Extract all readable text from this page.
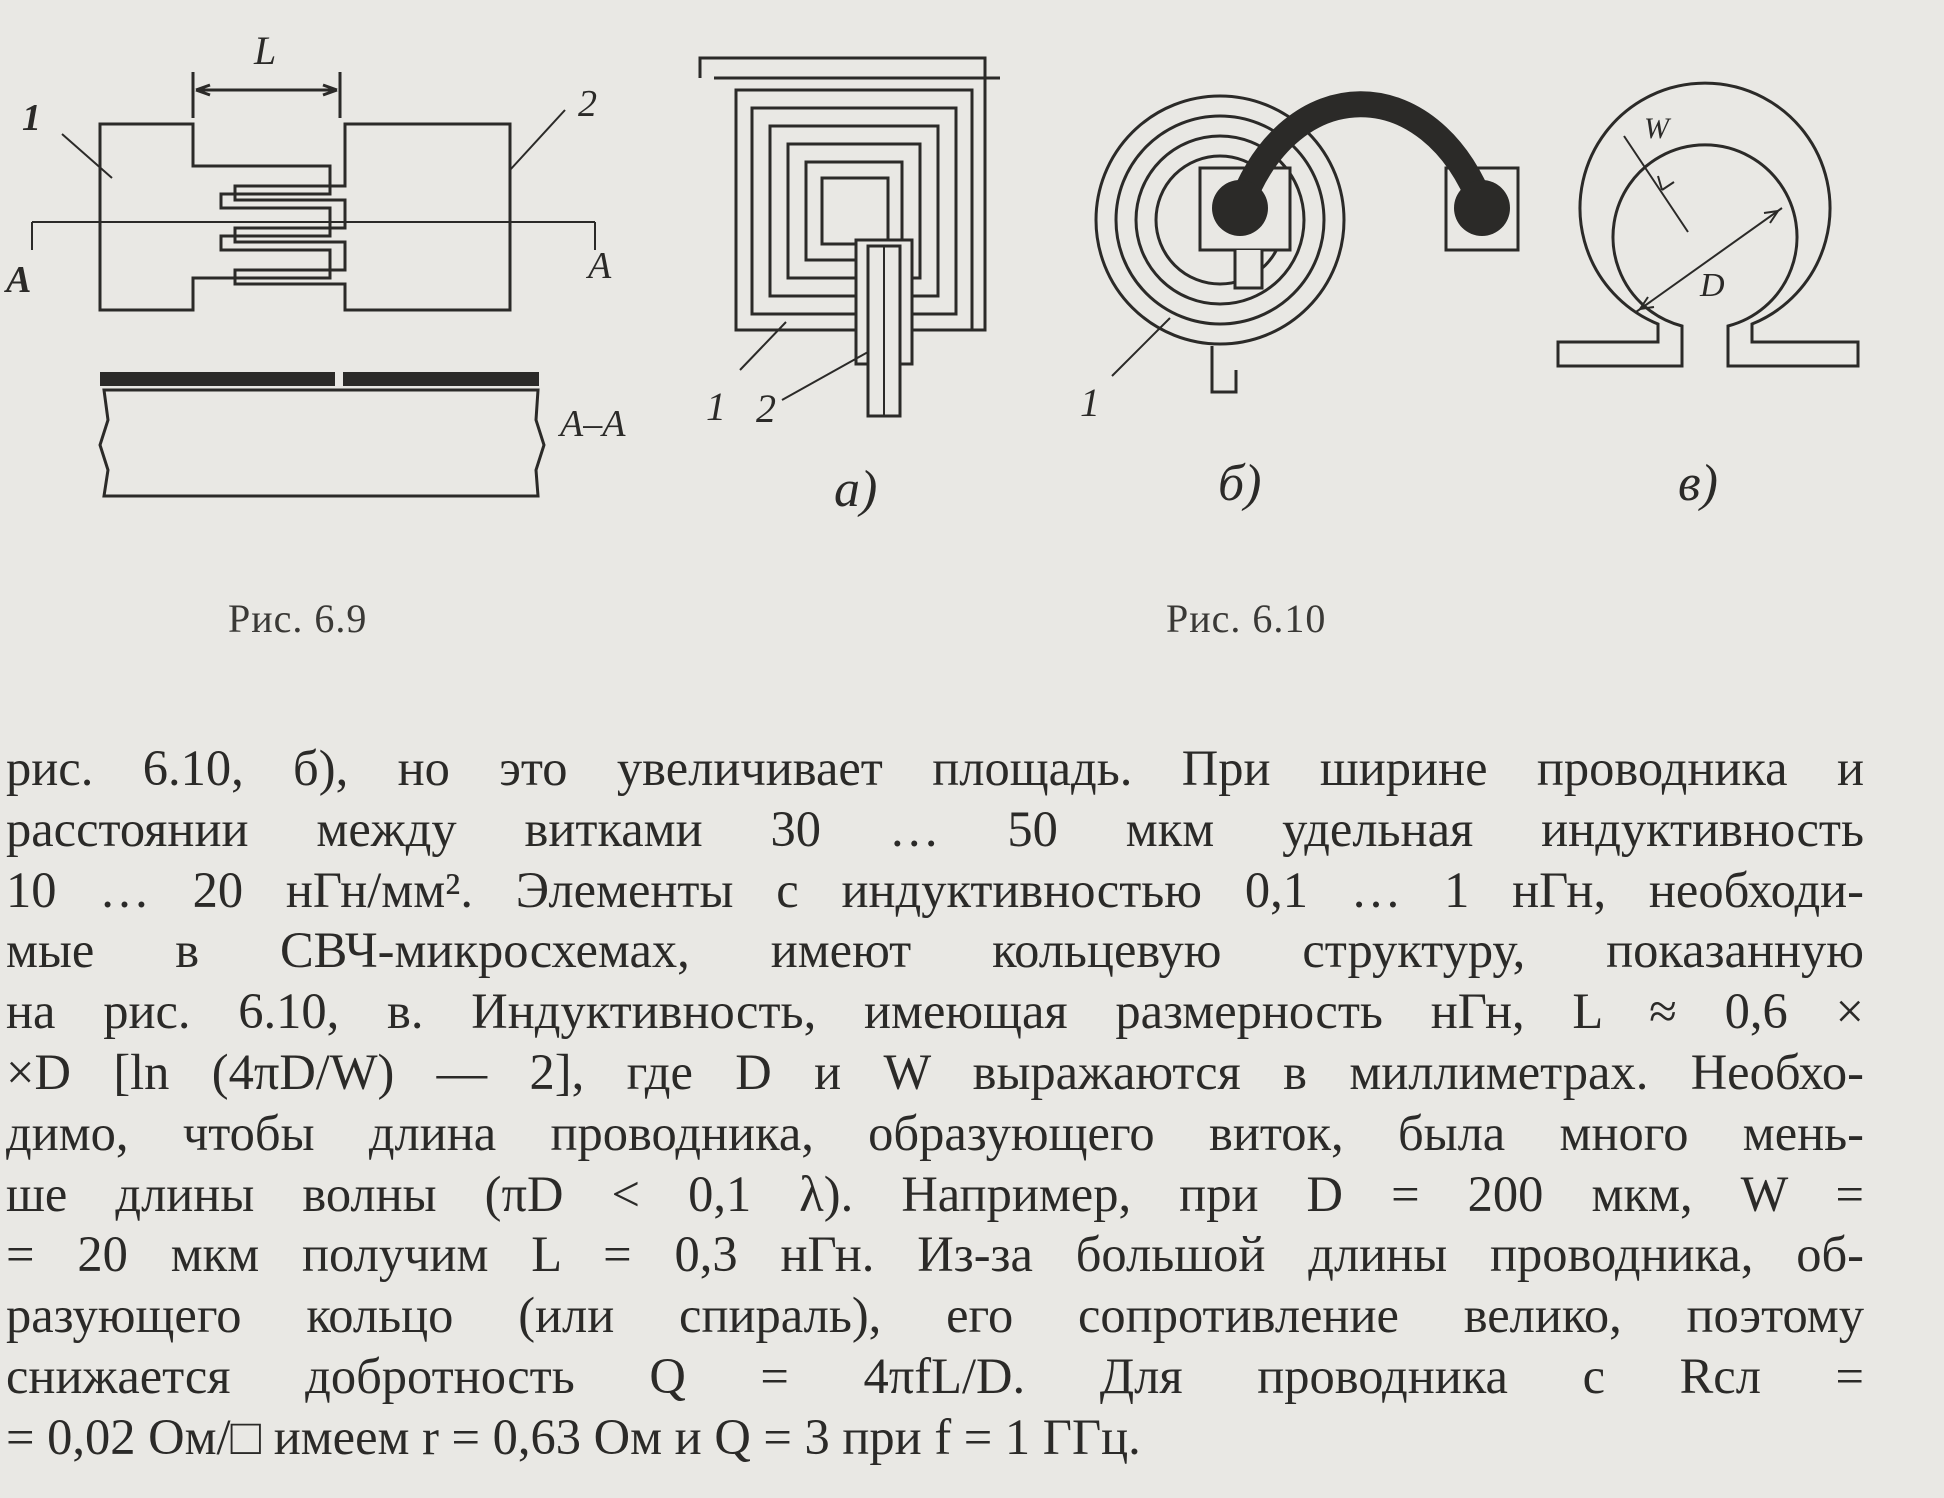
L
1	2
A	A
A–A 1 2
а)
1
б)
W
D
в)
Рис. 6.9	Рис. 6.10
рис. 6.10, б), но это увеличивает площадь. При ширине проводника и
расстоянии между витками 30 … 50 мкм удельная индуктивность
10 … 20 нГн/мм². Элементы с индуктивностью 0,1 … 1 нГн, необходи-
мые в СВЧ-микросхемах, имеют кольцевую структуру, показанную
на рис. 6.10, в. Индуктивность, имеющая размерность нГн, L ≈ 0,6 ×
×D [ln (4πD/W) — 2], где D и W выражаются в миллиметрах. Необхо-
димо, чтобы длина проводника, образующего виток, была много мень-
ше длины волны (πD < 0,1 λ). Например, при D = 200 мкм, W =
= 20 мкм получим L = 0,3 нГн. Из-за большой длины проводника, об-
разующего кольцо (или спираль), его сопротивление велико, поэтому
снижается добротность Q = 4πfL/D. Для проводника с Rсл =
= 0,02 Ом/□ имеем r = 0,63 Ом и Q = 3 при f = 1 ГГц.
